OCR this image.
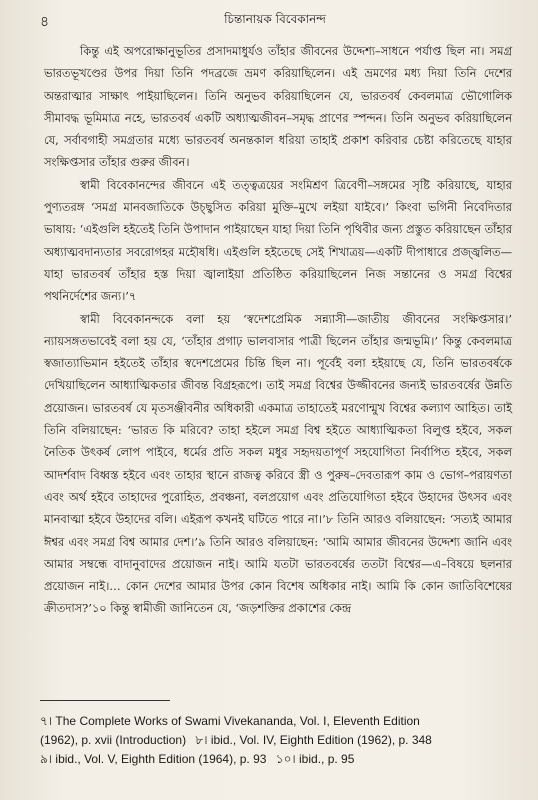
৪	চিন্তানায়ক বিবেকানন্দ

কিন্তু এই অপরোক্ষানুভূতির প্রসাদমাধুর্যও তাঁহার জীবনের উদ্দেশ্য–সাধনে পর্যাপ্ত ছিল না। সমগ্র ভারতভূখণ্ডের উপর দিয়া তিনি পদব্রজে ভ্রমণ করিয়াছিলেন। এই ভ্রমণের মধ্য দিয়া তিনি দেশের অন্তরাত্মার সাক্ষাৎ পাইয়াছিলেন। তিনি অনুভব করিয়াছিলেন যে, ভারতবর্ষ কেবলমাত্র ভৌগোলিক সীমাবদ্ধ ভূমিমাত্র নহে, ভারতবর্ষ একটি অধ্যাত্মজীবন–সমৃদ্ধ প্রাণের স্পন্দন। তিনি অনুভব করিয়াছিলেন যে, সর্বাবগাহী সমগ্রতার মধ্যে ভারতবর্ষ অনন্তকাল ধরিয়া তাহাই প্রকাশ করিবার চেষ্টা করিতেছে যাহার সংক্ষিপ্তসার তাঁহার গুরুর জীবন।

স্বামী বিবেকানন্দের জীবনে এই তত্ত্বত্রয়ের সংমিশ্রণ ত্রিবেণী–সঙ্গমের সৃষ্টি করিয়াছে, যাহার পুণ্যতরঙ্গ ‘সমগ্র মানবজাতিকে উচ্ছ্বসিত করিয়া মুক্তি–মুখে লইয়া যাইবে।’ কিংবা ভগিনী নিবেদিতার ভাষায়: ‘এইগুলি হইতেই তিনি উপাদান পাইয়াছেন যাহা দিয়া তিনি পৃথিবীর জন্য প্রস্তুত করিয়াছেন তাঁহার অধ্যাত্মবদান্যতার সবরোগহর মহৌষধি। এইগুলি হইতেছে সেই শিখাত্রয়—একটি দীপাধারে প্রজ্জ্বলিত—যাহা ভারতবর্ষ তাঁহার হস্ত দিয়া জ্বালাইয়া প্রতিষ্ঠিত করিয়াছিলেন নিজ সন্তানের ও সমগ্র বিশ্বের পথনির্দেশের জন্য।’৭

স্বামী বিবেকানন্দকে বলা হয় ‘স্বদেশপ্রেমিক সন্ন্যাসী—জাতীয় জীবনের সংক্ষিপ্তসার।’ ন্যায়সঙ্গতভাবেই বলা হয় যে, ‘তাঁহার প্রগাঢ় ভালবাসার পাত্রী ছিলেন তাঁহার জন্মভূমি।’ কিন্তু কেবলমাত্র স্বজাত্যাভিমান হইতেই তাঁহার স্বদেশপ্রেমের চিন্তি ছিল না। পূর্বেই বলা হইয়াছে যে, তিনি ভারতবর্ষকে দেখিয়াছিলেন আধ্যাত্মিকতার জীবন্ত বিগ্রহরূপে। তাই সমগ্র বিশ্বের উজ্জীবনের জন্যই ভারতবর্ষের উন্নতি প্রয়োজন। ভারতবর্ষ যে মৃতসঞ্জীবনীর অধিকারী একমাত্র তাহাতেই মরণোন্মুখ বিশ্বের কল্যাণ আহিত। তাই তিনি বলিয়াছেন: ‘ভারত কি মরিবে? তাহা হইলে সমগ্র বিশ্ব হইতে আধ্যাত্মিকতা বিলুপ্ত হইবে, সকল নৈতিক উৎকর্ষ লোপ পাইবে, ধর্মের প্রতি সকল মধুর সহৃদয়তাপূর্ণ সহযোগিতা নির্বাপিত হইবে, সকল আদর্শবাদ বিধ্বস্ত হইবে এবং তাহার স্থানে রাজত্ব করিবে স্ত্রী ও পুরুষ–দেবতারূপ কাম ও ভোগ–পরায়ণতা এবং অর্থ হইবে তাহাদের পুরোহিত, প্রবঞ্চনা, বলপ্রয়োগ এবং প্রতিযোগিতা হইবে উহাদের উৎসব এবং মানবাত্মা হইবে উহাদের বলি। এইরূপ কখনই ঘটিতে পারে না।’৮ তিনি আরও বলিয়াছেন: ‘সত্যই আমার ঈশ্বর এবং সমগ্র বিশ্ব আমার দেশ।’৯ তিনি আরও বলিয়াছেন: ‘আমি আমার জীবনের উদ্দেশ্য জানি এবং আমার সম্বন্ধে বাদানুবাদের প্রয়োজন নাই। আমি যতটা ভারতবর্ষের ততটা বিশ্বের—এ–বিষয়ে ছলনার প্রয়োজন নাই।… কোন দেশের আমার উপর কোন বিশেষ অধিকার নাই। আমি কি কোন জাতিবিশেষের ক্রীতদাস?’১০ কিন্তু স্বামীজী জানিতেন যে, ‘জড়শক্তির প্রকাশের কেন্দ্র

৭। The Complete Works of Swami Vivekananda, Vol. I, Eleventh Edition
(1962), p. xvii (Introduction) ৮। ibid., Vol. IV, Eighth Edition (1962), p. 348
৯। ibid., Vol. V, Eighth Edition (1964), p. 93 ১০। ibid., p. 95
